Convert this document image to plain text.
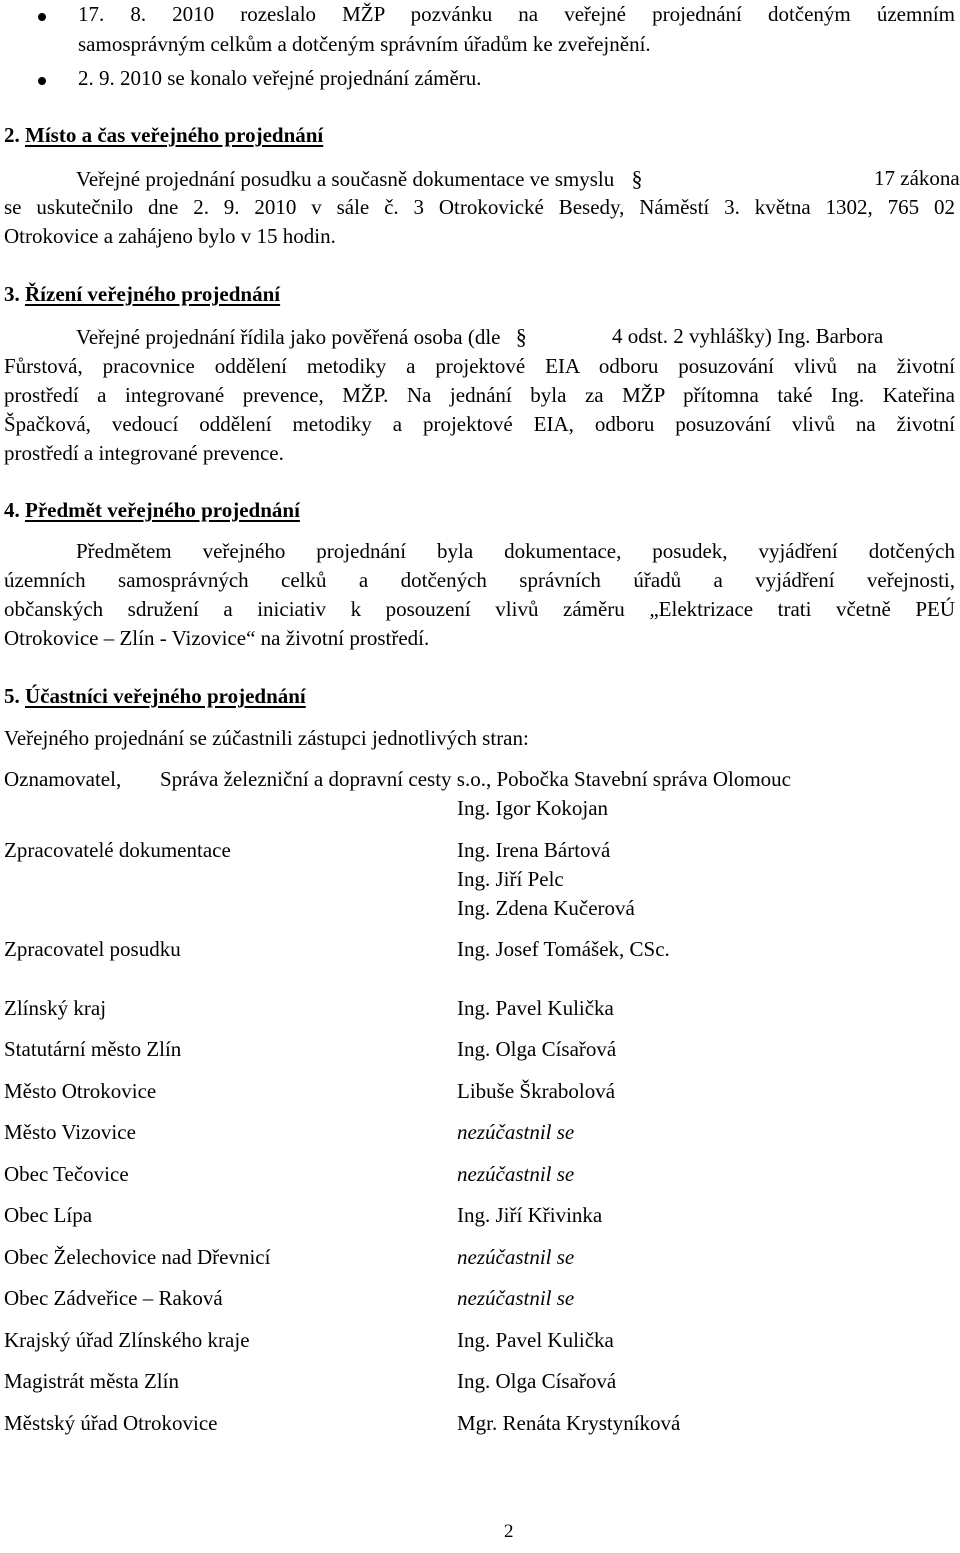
17. 8. 2010 rozeslalo MŽP pozvánku na veřejné projednání dotčeným územním
samosprávným celkům a dotčeným správním úřadům ke zveřejnění.
2. 9. 2010 se konalo veřejné projednání záměru.
2. Místo a čas veřejného projednání
Veřejné projednání posudku a současně dokumentace ve smyslu §	17 zákona
se uskutečnilo dne 2. 9. 2010 v sále č. 3 Otrokovické Besedy, Náměstí 3. května 1302, 765 02
Otrokovice a zahájeno bylo v 15 hodin.
3. Řízení veřejného projednání
Veřejné projednání řídila jako pověřená osoba (dle §	4 odst. 2 vyhlášky) Ing. Barbora
Fůrstová, pracovnice oddělení metodiky a projektové EIA odboru posuzování vlivů na životní
prostředí a integrované prevence, MŽP. Na jednání byla za MŽP přítomna také Ing. Kateřina
Špačková, vedoucí oddělení metodiky a projektové EIA, odboru posuzování vlivů na životní
prostředí a integrované prevence.
4. Předmět veřejného projednání
Předmětem veřejného projednání byla dokumentace, posudek, vyjádření dotčených
územních samosprávných celků a dotčených správních úřadů a vyjádření veřejnosti,
občanských sdružení a iniciativ k posouzení vlivů záměru „Elektrizace trati včetně PEÚ
Otrokovice – Zlín - Vizovice“ na životní prostředí.
5. Účastníci veřejného projednání
Veřejného projednání se zúčastnili zástupci jednotlivých stran:
Oznamovatel, Správa železniční a dopravní cesty s.o., Pobočka Stavební správa Olomouc
Ing. Igor Kokojan
Zpracovatelé dokumentace	Ing. Irena Bártová
Ing. Jiří Pelc
Ing. Zdena Kučerová
Zpracovatel posudku	Ing. Josef Tomášek, CSc.
Zlínský kraj	Ing. Pavel Kulička
Statutární město Zlín	Ing. Olga Císařová
Město Otrokovice	Libuše Škrabolová
Město Vizovice	nezúčastnil se
Obec Tečovice	nezúčastnil se
Obec Lípa	Ing. Jiří Křivinka
Obec Želechovice nad Dřevnicí	nezúčastnil se
Obec Zádveřice – Raková	nezúčastnil se
Krajský úřad Zlínského kraje	Ing. Pavel Kulička
Magistrát města Zlín	Ing. Olga Císařová
Městský úřad Otrokovice	Mgr. Renáta Krystyníková
2
